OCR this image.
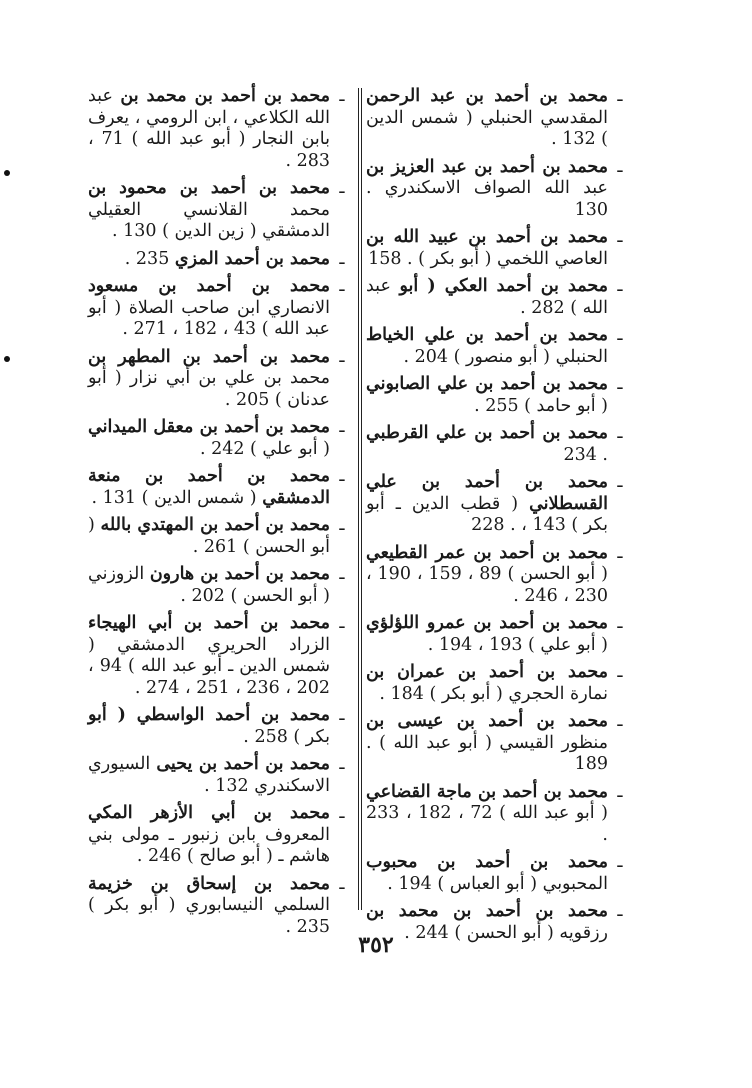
ـ
محمد بن أحمد بن عبد الرحمن المقدسي الحنبلي ( شمس الدين ) 132 .
ـ
محمد بن أحمد بن عبد العزيز بن عبد الله الصواف الاسكندري . 130
ـ
محمد بن أحمد بن عبيد الله بن العاصي اللخمي ( أبو بكر ) . 158
ـ
محمد بن أحمد العكي ( أبو عبد الله ) 282 .
ـ
محمد بن أحمد بن علي الخياط الحنبلي ( أبو منصور ) 204 .
ـ
محمد بن أحمد بن علي الصابوني ( أبو حامد ) 255 .
ـ
محمد بن أحمد بن علي القرطبي . 234
ـ
محمد بن أحمد بن علي القسطلاني ( قطب الدين ـ أبو بكر ) 143 ، . 228
ـ
محمد بن أحمد بن عمر القطيعي ( أبو الحسن ) 89 ، 159 ، 190 ، 230 ، 246 .
ـ
محمد بن أحمد بن عمرو اللؤلؤي ( أبو علي ) 193 ، 194 .
ـ
محمد بن أحمد بن عمران بن نمارة الحجري ( أبو بكر ) 184 .
ـ
محمد بن أحمد بن عيسى بن منظور القيسي ( أبو عبد الله ) . 189
ـ
محمد بن أحمد بن ماجة القضاعي ( أبو عبد الله ) 72 ، 182 ، 233 .
ـ
محمد بن أحمد بن محبوب المحبوبي ( أبو العباس ) 194 .
ـ
محمد بن أحمد بن محمد بن رزقويه ( أبو الحسن ) 244 .
ـ
محمد بن أحمد بن محمد بن عبد الله الكلاعي ، ابن الرومي ، يعرف بابن النجار ( أبو عبد الله ) 71 ، 283 .
ـ
محمد بن أحمد بن محمود بن محمد القلانسي العقيلي الدمشقي ( زين الدين ) 130 .
ـ
محمد بن أحمد المزي 235 .
ـ
محمد بن أحمد بن مسعود الانصاري ابن صاحب الصلاة ( أبو عبد الله ) 43 ، 182 ، 271 .
ـ
محمد بن أحمد بن المطهر بن محمد بن علي بن أبي نزار ( أبو عدنان ) 205 .
ـ
محمد بن أحمد بن معقل الميداني ( أبو علي ) 242 .
ـ
محمد بن أحمد بن منعة الدمشقي ( شمس الدين ) 131 .
ـ
محمد بن أحمد بن المهتدي بالله ( أبو الحسن ) 261 .
ـ
محمد بن أحمد بن هارون الزوزني ( أبو الحسن ) 202 .
ـ
محمد بن أحمد بن أبي الهيجاء الزراد الحريري الدمشقي ( شمس الدين ـ أبو عبد الله ) 94 ، 202 ، 236 ، 251 ، 274 .
ـ
محمد بن أحمد الواسطي ( أبو بكر ) 258 .
ـ
محمد بن أحمد بن يحيى السيوري الاسكندري 132 .
ـ
محمد بن أبي الأزهر المكي المعروف بابن زنبور ـ مولى بني هاشم ـ ( أبو صالح ) 246 .
ـ
محمد بن إسحاق بن خزيمة السلمي النيسابوري ( أبو بكر ) 235 .
٣٥٢
